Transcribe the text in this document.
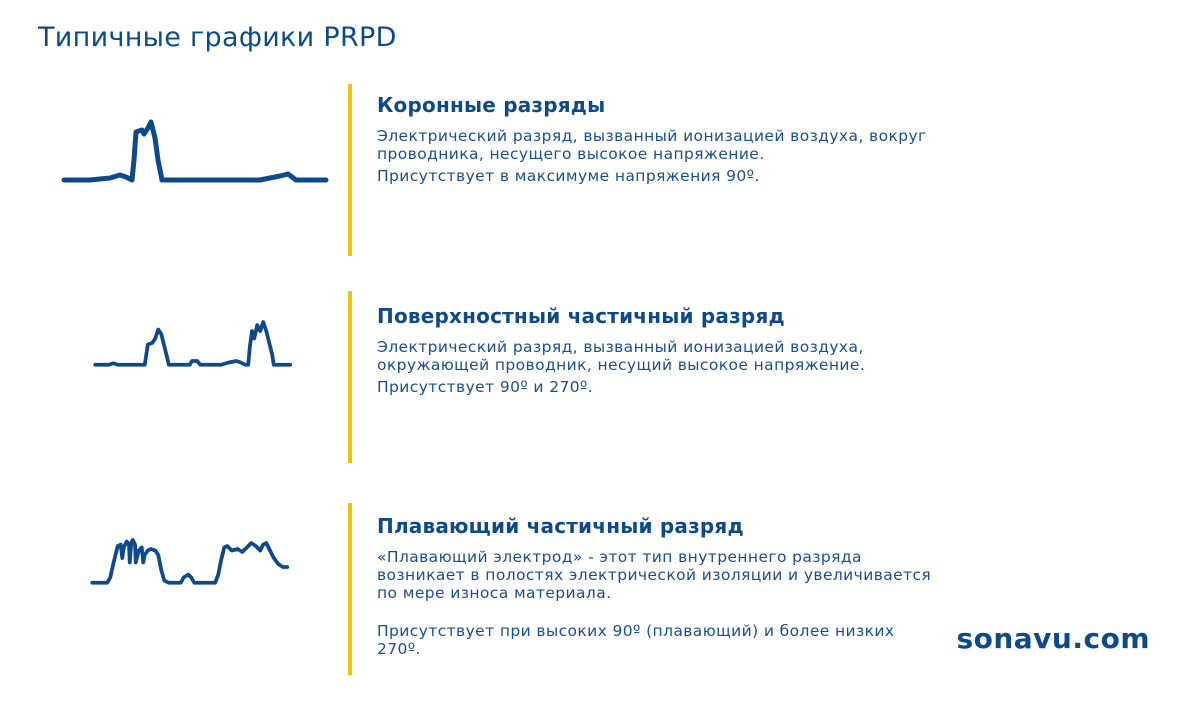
Типичные графики PRPD
Коронные разряды

Электрический разряд, вызванный ионизацией воздуха, вокруг проводника, несущего высокое напряжение.

Присутствует в максимуме напряжения 90º.

Поверхностный частичный разряд

Электрический разряд, вызванный ионизацией воздуха, окружающей проводник, несущий высокое напряжение.

Присутствует 90º и 270º.

Плавающий частичный разряд

«Плавающий электрод» - этот тип внутреннего разряда возникает в полостях электрической изоляции и увеличивается по мере износа материала.

Присутствует при высоких 90º (плавающий) и более низких 270º.	sonavu.com
